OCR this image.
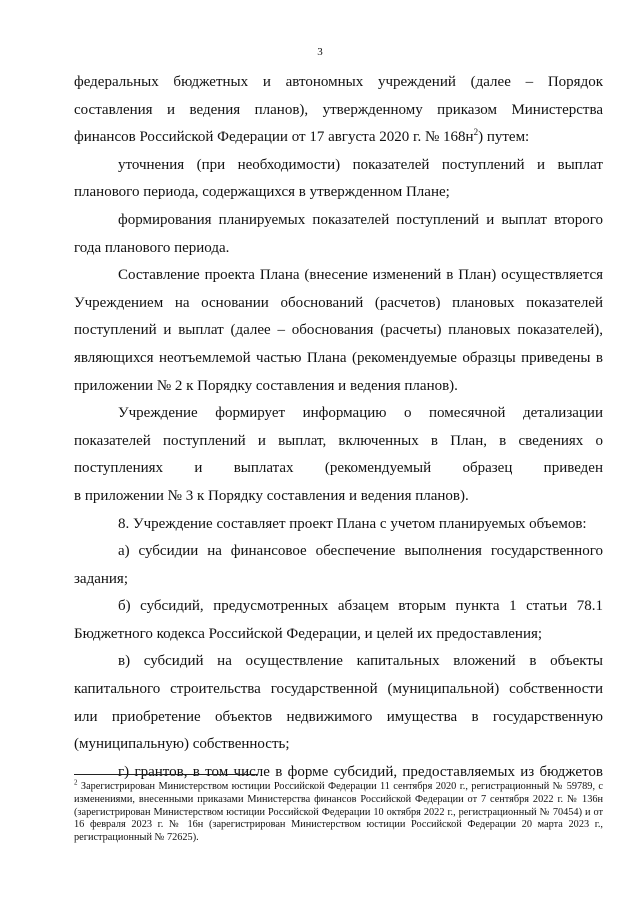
3

федеральных бюджетных и автономных учреждений (далее – Порядок составления и ведения планов), утвержденному приказом Министерства финансов Российской Федерации от 17 августа 2020 г. № $168н^2$) путем:

уточнения (при необходимости) показателей поступлений и выплат планового периода, содержащихся в утвержденном Плане;

формирования планируемых показателей поступлений и выплат второго года планового периода.

Составление проекта Плана (внесение изменений в План) осуществляется Учреждением на основании обоснований (расчетов) плановых показателей поступлений и выплат (далее – обоснования (расчеты) плановых показателей), являющихся неотъемлемой частью Плана (рекомендуемые образцы приведены в приложении № 2 к Порядку составления и ведения планов).

Учреждение формирует информацию о помесячной детализации показателей поступлений и выплат, включенных в План, в сведениях о поступлениях и выплатах (рекомендуемый образец приведен

в приложении № 3 к Порядку составления и ведения планов).

8. Учреждение составляет проект Плана с учетом планируемых объемов:

а) субсидии на финансовое обеспечение выполнения государственного задания;

б) субсидий, предусмотренных абзацем вторым пункта 1 статьи 78.1 Бюджетного кодекса Российской Федерации, и целей их предоставления;

в) субсидий на осуществление капитальных вложений в объекты капитального строительства государственной (муниципальной) собственности или приобретение объектов недвижимого имущества в государственную (муниципальную) собственность;

г) грантов, в том числе в форме субсидий, предоставляемых из бюджетов

$^2$ Зарегистрирован Министерством юстиции Российской Федерации 11 сентября 2020 г., регистрационный № 59789, с изменениями, внесенными приказами Министерства финансов Российской Федерации от 7 сентября 2022 г. № 136н (зарегистрирован Министерством юстиции Российской Федерации 10 октября 2022 г., регистрационный № 70454) и от 16 февраля 2023 г. № 16н (зарегистрирован Министерством юстиции Российской Федерации 20 марта 2023 г., регистрационный № 72625).
